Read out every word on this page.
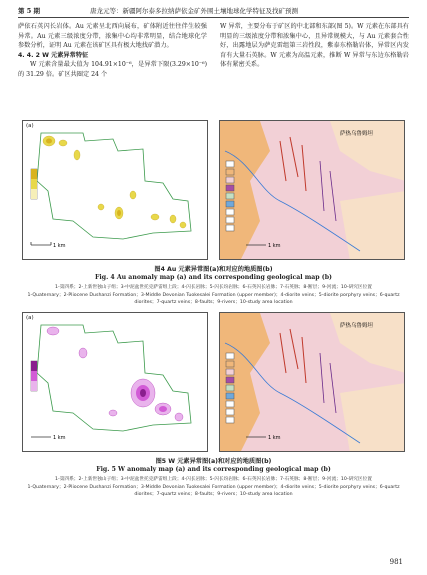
第 5 期	唐龙元等：新疆阿尔泰多拉纳萨依金矿外围土壤地球化学特征及找矿预测

萨依石英闪长岩体。Au 元素呈北西向展布，矿体附近往往伴生较强异常。Au 元素三级浓度分带，浓集中心均非常明显，结合地球化学参数分析，证明 Au 元素在该矿区具有极大地找矿潜力。

4. 4. 2 W 元素异常特征

W 元素含量最大值为 104.91×10⁻⁶，是异常下限(3.29×10⁻⁶)的 31.29 倍。矿区共圈定 24 个

W 异常，主要分布于矿区的中北部和东部(图 5)。W 元素在东部具有明显的三级浓度分带和浓集中心，且异常规模大，与 Au 元素套合性好，出露地层为萨克雷组第三岩性段，紫泰东格勒岩体，异常区内发育有大量石英脉。W 元素为高温元素，推断 W 异常与东边东格勒岩体有紧密关系。

(a)
1 km
萨热乌鲁姆坦
1 km
图4 Au 元素异常图(a)和对应的地质图(b)
Fig. 4 Au anomaly map (a) and its corresponding geological map (b)
1-第四系；2-上新世独山子组；3-中泥盆世托克萨雷组上段；4-闪长岩脉；5-闪长玢岩脉；6-石英闪长岩脉；7-石英脉；8-断层；9-河流；10-研究区位置
1-Quaternary；2-Pliocene Dushanzi Formation；3-Middle Devonian Tuokesalei Formation (upper member)；4-diorite veins；5-diorite porphyry veins；6-quartz diorites；7-quartz veins；8-faults；9-rivers；10-study area location
(a)
1 km
萨热乌鲁姆坦
1 km
图5 W 元素异常图(a)和对应的地质图(b)
Fig. 5 W anomaly map (a) and its corresponding geological map (b)
1-第四系；2-上新世独山子组；3-中泥盆世托克萨雷组上段；4-闪长岩脉；5-闪长玢岩脉；6-石英闪长岩脉；7-石英脉；8-断层；9-河流；10-研究区位置
1-Quaternary；2-Pliocene Dushanzi Formation；3-Middle Devonian Tuokesalei Formation (upper member)；4-diorite veins；5-diorite porphyry veins；6-quartz diorites；7-quartz veins；8-faults；9-rivers；10-study area location
981
